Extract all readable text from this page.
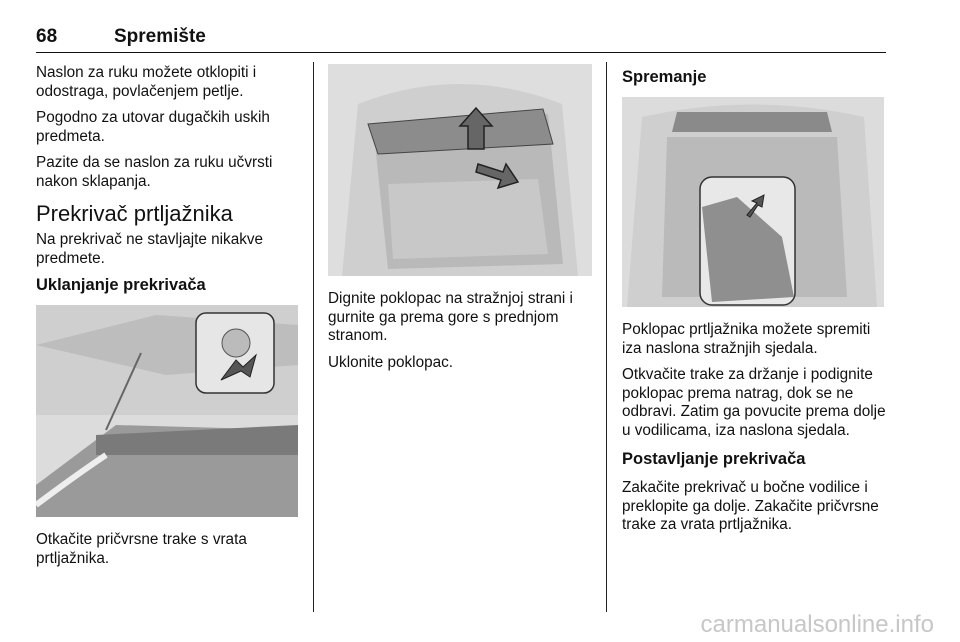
68	Spremište

Naslon za ruku možete otklopiti i odostraga, povlačenjem petlje.

Pogodno za utovar dugačkih uskih predmeta.

Pazite da se naslon za ruku učvrsti nakon sklapanja.

Prekrivač prtljažnika

Na prekrivač ne stavljajte nikakve predmete.

Uklanjanje prekrivača

Otkačite pričvrsne trake s vrata prtljažnika.

Dignite poklopac na stražnjoj strani i gurnite ga prema gore s prednjom stranom.

Uklonite poklopac.

Spremanje

Poklopac prtljažnika možete spremiti iza naslona stražnjih sjedala.

Otkvačite trake za držanje i podignite poklopac prema natrag, dok se ne odbravi. Zatim ga povucite prema dolje u vodilicama, iza naslona sjedala.

Postavljanje prekrivača

Zakačite prekrivač u bočne vodilice i preklopite ga dolje. Zakačite pričvrsne trake za vrata prtljažnika.

carmanualsonline.info
